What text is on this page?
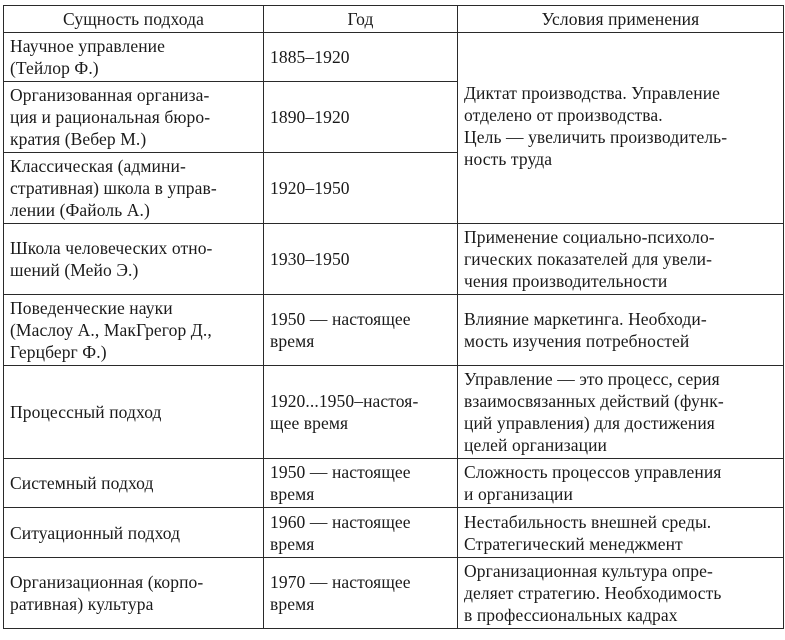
Сущность подхода	Год	Условия применения

Научное управление
(Тейлор Ф.)	1885–1920	Диктат производства. Управление
отделено от производства.
Цель — увеличить производитель-
ность труда

Организованная организа-
ция и рациональная бюро-
кратия (Вебер М.)	1890–1920	

Классическая (админи-
стративная) школа в управ-
лении (Файоль А.)	1920–1950	

Школа человеческих отно-
шений (Мейо Э.)	1930–1950	Применение социально-психоло-
гических показателей для увели-
чения производительности

Поведенческие науки
(Маслоу А., МакГрегор Д.,
Герцберг Ф.)	1950 — настоящее
время	Влияние маркетинга. Необходи-
мость изучения потребностей

Процессный подход	1920...1950–настоя-
щее время	Управление — это процесс, серия
взаимосвязанных действий (функ-
ций управления) для достижения
целей организации

Системный подход	1950 — настоящее
время	Сложность процессов управления
и организации

Ситуационный подход	1960 — настоящее
время	Нестабильность внешней среды.
Стратегический менеджмент

Организационная (корпо-
ративная) культура	1970 — настоящее
время	Организационная культура опре-
деляет стратегию. Необходимость
в профессиональных кадрах
